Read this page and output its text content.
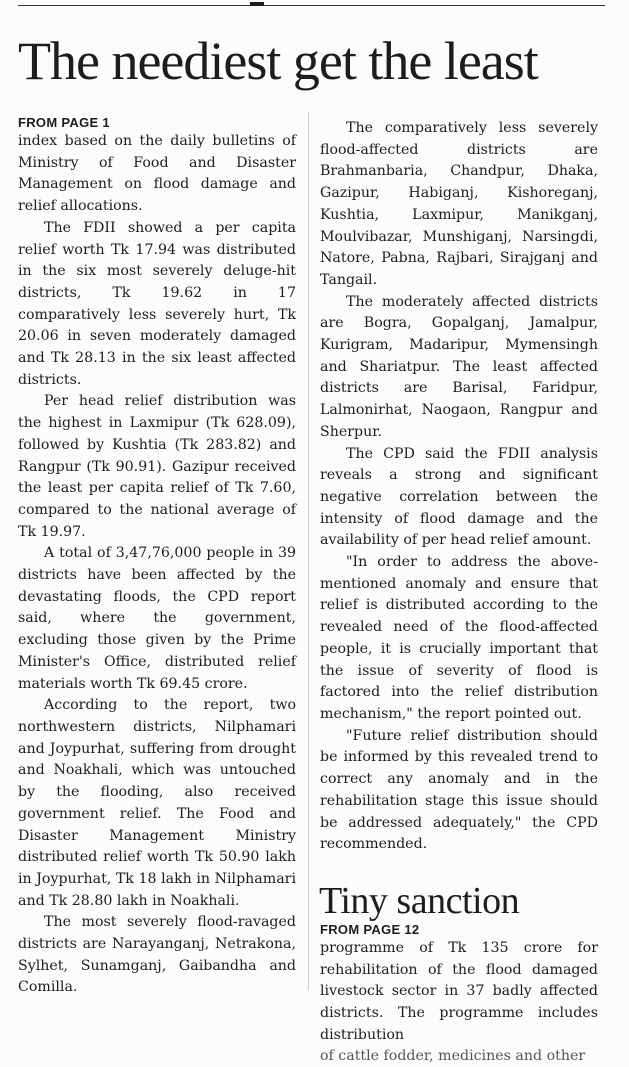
The neediest get the least
FROM PAGE 1

index based on the daily bulletins of Ministry of Food and Disaster Management on flood damage and relief allocations.

The FDII showed a per capita relief worth Tk 17.94 was distributed in the six most severely deluge-hit districts, Tk 19.62 in 17 comparatively less severely hurt, Tk 20.06 in seven moderately damaged and Tk 28.13 in the six least affected districts.

Per head relief distribution was the highest in Laxmipur (Tk 628.09), followed by Kushtia (Tk 283.82) and Rangpur (Tk 90.91). Gazipur received the least per capita relief of Tk 7.60, compared to the national average of Tk 19.97.

A total of 3,47,76,000 people in 39 districts have been affected by the devastating floods, the CPD report said, where the government, excluding those given by the Prime Minister's Office, distributed relief materials worth Tk 69.45 crore.

According to the report, two northwestern districts, Nilphamari and Joypurhat, suffering from drought and Noakhali, which was untouched by the flooding, also received government relief. The Food and Disaster Management Ministry distributed relief worth Tk 50.90 lakh in Joypurhat, Tk 18 lakh in Nilphamari and Tk 28.80 lakh in Noakhali.

The most severely flood-ravaged districts are Narayanganj, Netrakona, Sylhet, Sunamganj, Gaibandha and Comilla.

The comparatively less severely flood-affected districts are Brahmanbaria, Chandpur, Dhaka, Gazipur, Habiganj, Kishoreganj, Kushtia, Laxmipur, Manikganj, Moulvibazar, Munshiganj, Narsingdi, Natore, Pabna, Rajbari, Sirajganj and Tangail.

The moderately affected districts are Bogra, Gopalganj, Jamalpur, Kurigram, Madaripur, Mymensingh and Shariatpur. The least affected districts are Barisal, Faridpur, Lalmonirhat, Naogaon, Rangpur and Sherpur.

The CPD said the FDII analysis reveals a strong and significant negative correlation between the intensity of flood damage and the availability of per head relief amount.

"In order to address the above-mentioned anomaly and ensure that relief is distributed according to the revealed need of the flood-affected people, it is crucially important that the issue of severity of flood is factored into the relief distribution mechanism," the report pointed out.

"Future relief distribution should be informed by this revealed trend to correct any anomaly and in the rehabilitation stage this issue should be addressed adequately," the CPD recommended.

Tiny sanction
FROM PAGE 12

programme of Tk 135 crore for rehabilitation of the flood damaged livestock sector in 37 badly affected districts. The programme includes distribution

of cattle fodder, medicines and other
